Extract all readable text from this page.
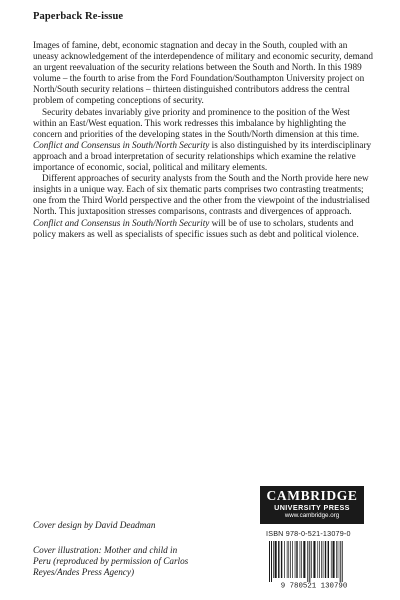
Paperback Re-issue

Images of famine, debt, economic stagnation and decay in the South, coupled with an uneasy acknowledgement of the interdependence of military and economic security, demand an urgent reevaluation of the security relations between the South and North. In this 1989 volume – the fourth to arise from the Ford Foundation/Southampton University project on North/South security relations – thirteen distinguished contributors address the central problem of competing conceptions of security.

Security debates invariably give priority and prominence to the position of the West within an East/West equation. This work redresses this imbalance by highlighting the concern and priorities of the developing states in the South/North dimension at this time. Conflict and Consensus in South/North Security is also distinguished by its interdisciplinary approach and a broad interpretation of security relationships which examine the relative importance of economic, social, political and military elements.

Different approaches of security analysts from the South and the North provide here new insights in a unique way. Each of six thematic parts comprises two contrasting treatments; one from the Third World perspective and the other from the viewpoint of the industrialised North. This juxtaposition stresses comparisons, contrasts and divergences of approach. Conflict and Consensus in South/North Security will be of use to scholars, students and policy makers as well as specialists of specific issues such as debt and political violence.

Cover design by David Deadman
Cover illustration: Mother and child in Peru (reproduced by permission of Carlos Reyes/Andes Press Agency)
CAMBRIDGE
UNIVERSITY PRESS
www.cambridge.org
ISBN 978-0-521-13079-0
9 780521 130790
